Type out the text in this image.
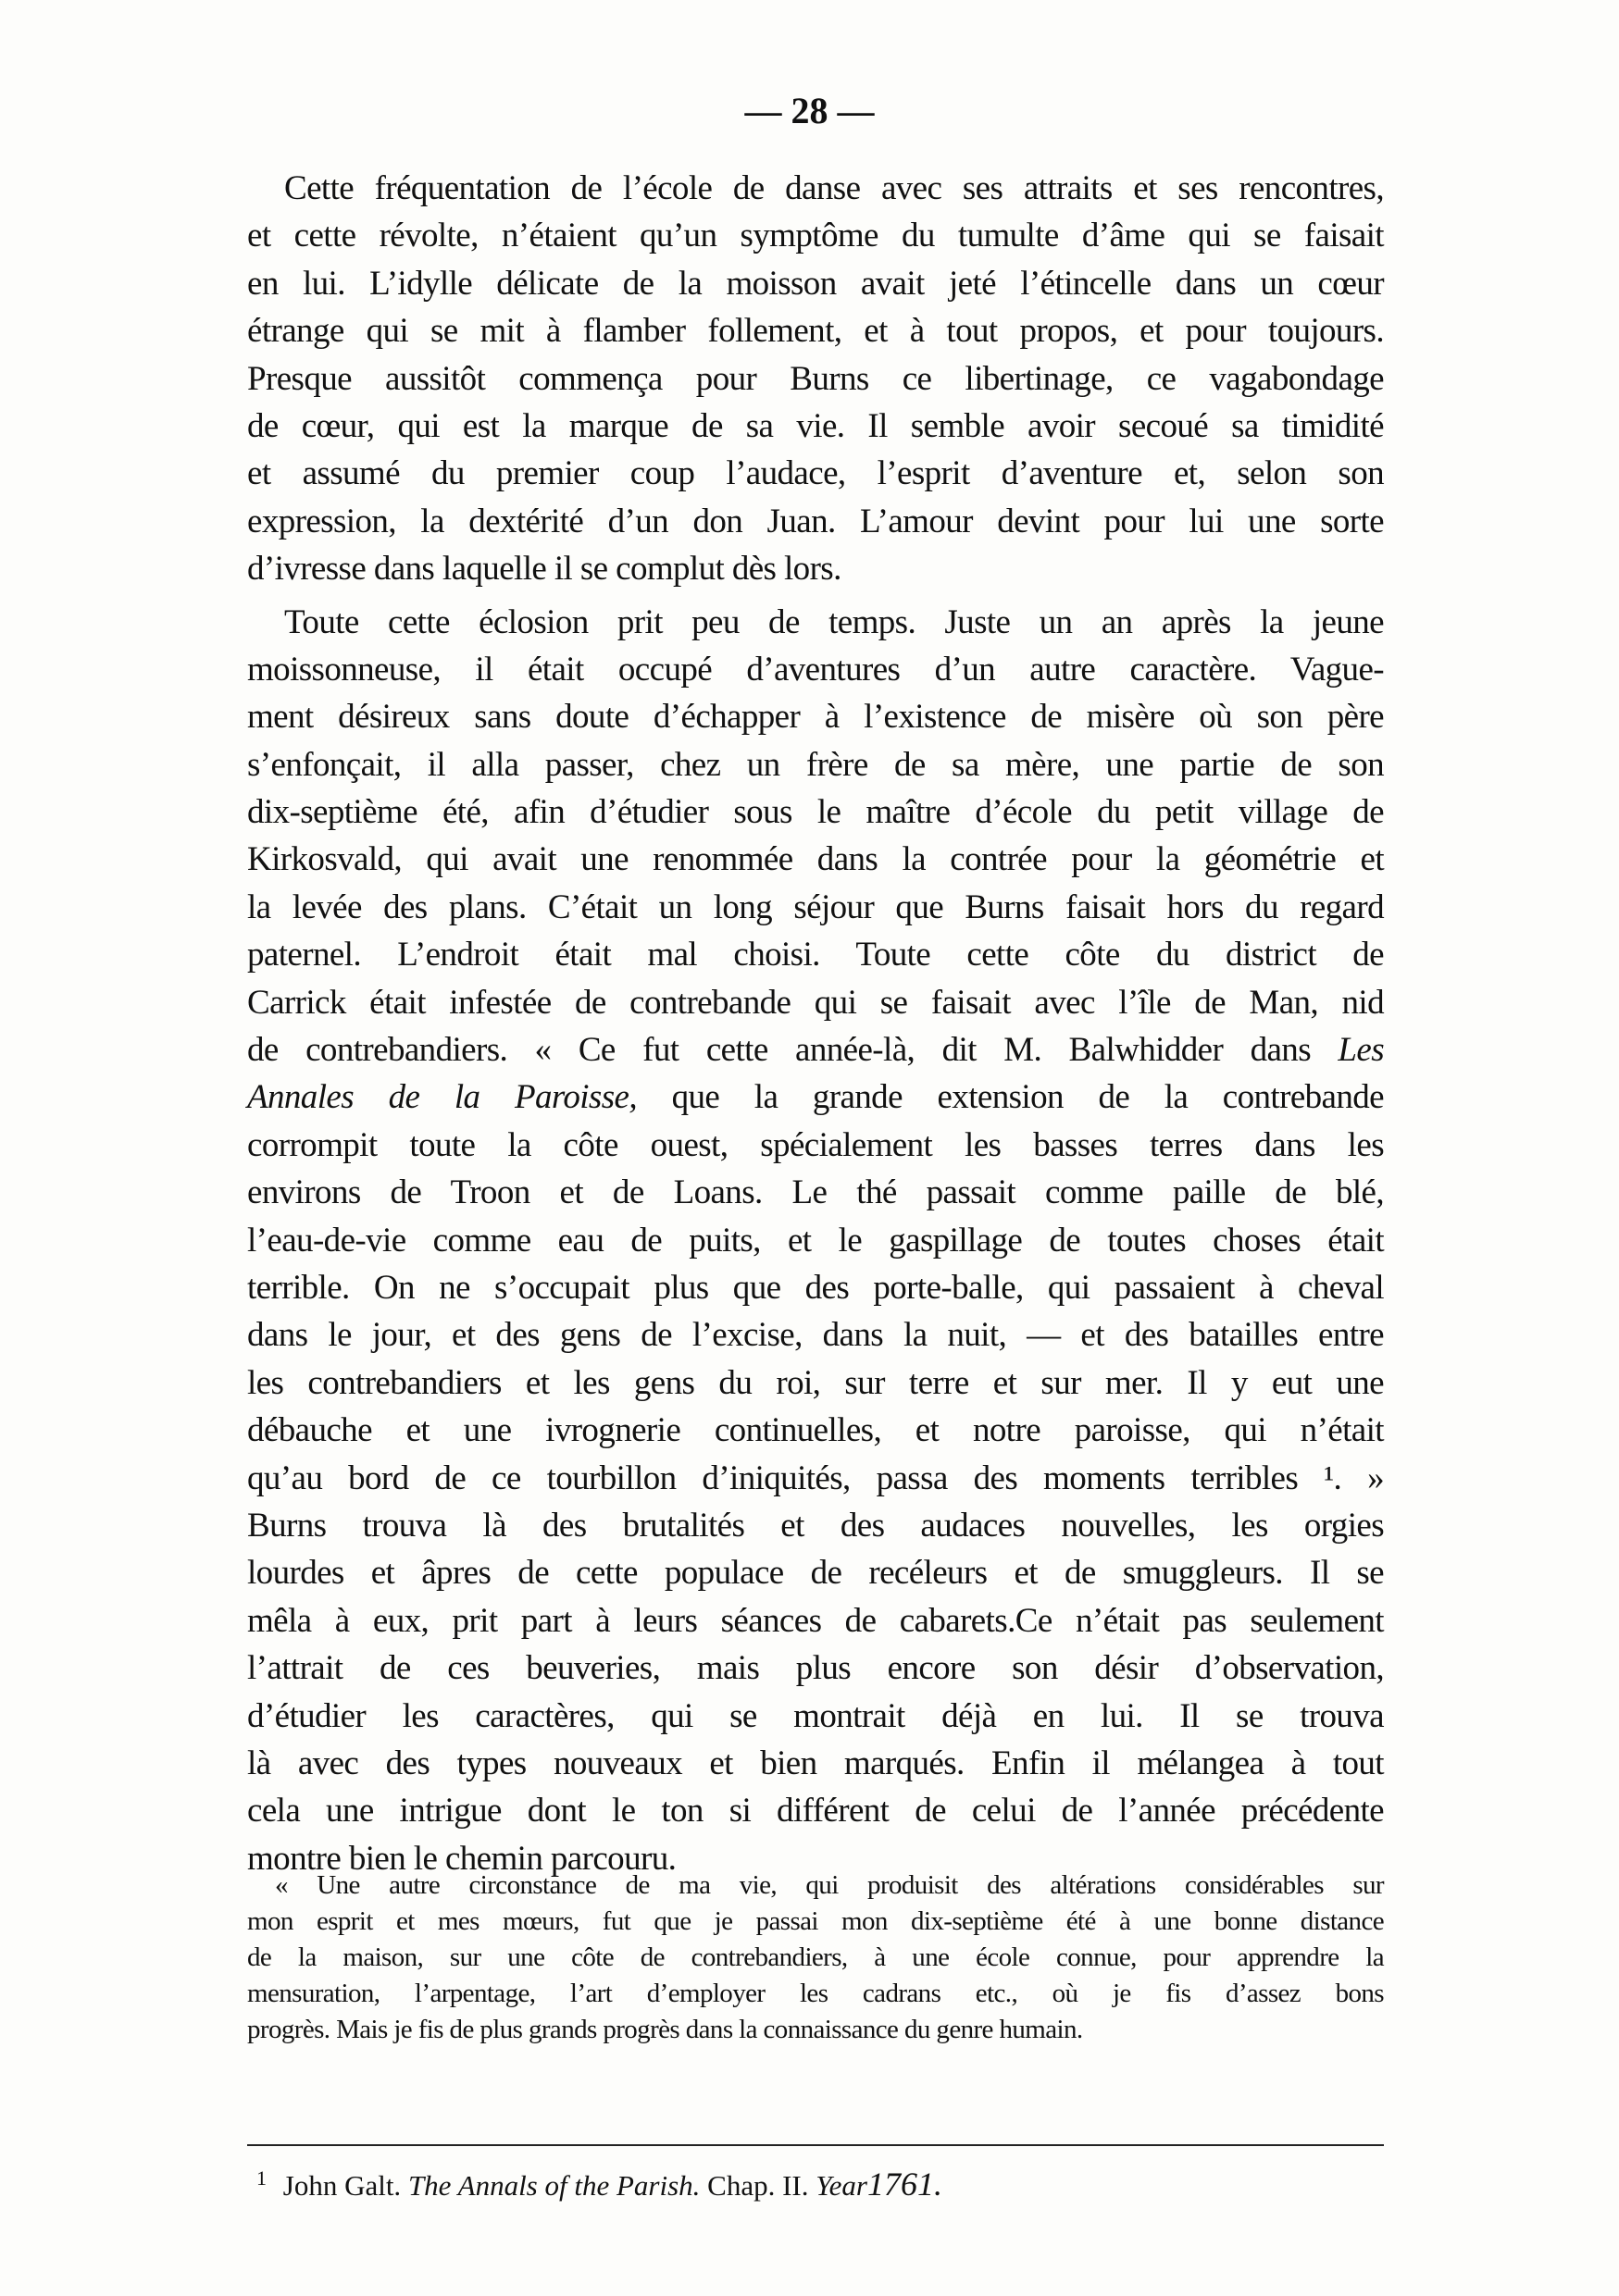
— 28 —
Cette fréquentation de l’école de danse avec ses attraits et ses rencontres,
et cette révolte, n’étaient qu’un symptôme du tumulte d’âme qui se faisait
en lui. L’idylle délicate de la moisson avait jeté l’étincelle dans un cœur
étrange qui se mit à flamber follement, et à tout propos, et pour toujours.
Presque aussitôt commença pour Burns ce libertinage, ce vagabondage
de cœur, qui est la marque de sa vie. Il semble avoir secoué sa timidité
et assumé du premier coup l’audace, l’esprit d’aventure et, selon son
expression, la dextérité d’un don Juan. L’amour devint pour lui une sorte
d’ivresse dans laquelle il se complut dès lors.
Toute cette éclosion prit peu de temps. Juste un an après la jeune
moissonneuse, il était occupé d’aventures d’un autre caractère. Vague-
ment désireux sans doute d’échapper à l’existence de misère où son père
s’enfonçait, il alla passer, chez un frère de sa mère, une partie de son
dix-septième été, afin d’étudier sous le maître d’école du petit village de
Kirkosvald, qui avait une renommée dans la contrée pour la géométrie et
la levée des plans. C’était un long séjour que Burns faisait hors du regard
paternel. L’endroit était mal choisi. Toute cette côte du district de
Carrick était infestée de contrebande qui se faisait avec l’île de Man, nid
de contrebandiers. « Ce fut cette année-là, dit M. Balwhidder dans Les
Annales de la Paroisse, que la grande extension de la contrebande
corrompit toute la côte ouest, spécialement les basses terres dans les
environs de Troon et de Loans. Le thé passait comme paille de blé,
l’eau-de-vie comme eau de puits, et le gaspillage de toutes choses était
terrible. On ne s’occupait plus que des porte-balle, qui passaient à cheval
dans le jour, et des gens de l’excise, dans la nuit, — et des batailles entre
les contrebandiers et les gens du roi, sur terre et sur mer. Il y eut une
débauche et une ivrognerie continuelles, et notre paroisse, qui n’était
qu’au bord de ce tourbillon d’iniquités, passa des moments terribles ¹. »
Burns trouva là des brutalités et des audaces nouvelles, les orgies
lourdes et âpres de cette populace de recéleurs et de smuggleurs. Il se
mêla à eux, prit part à leurs séances de cabarets.Ce n’était pas seulement
l’attrait de ces beuveries, mais plus encore son désir d’observation,
d’étudier les caractères, qui se montrait déjà en lui. Il se trouva
là avec des types nouveaux et bien marqués. Enfin il mélangea à tout
cela une intrigue dont le ton si différent de celui de l’année précédente
montre bien le chemin parcouru.
« Une autre circonstance de ma vie, qui produisit des altérations considérables sur
mon esprit et mes mœurs, fut que je passai mon dix-septième été à une bonne distance
de la maison, sur une côte de contrebandiers, à une école connue, pour apprendre la
mensuration, l’arpentage, l’art d’employer les cadrans etc., où je fis d’assez bons
progrès. Mais je fis de plus grands progrès dans la connaissance du genre humain.
$^1$ John Galt. The Annals of the Parish. Chap. II. Year1761.
